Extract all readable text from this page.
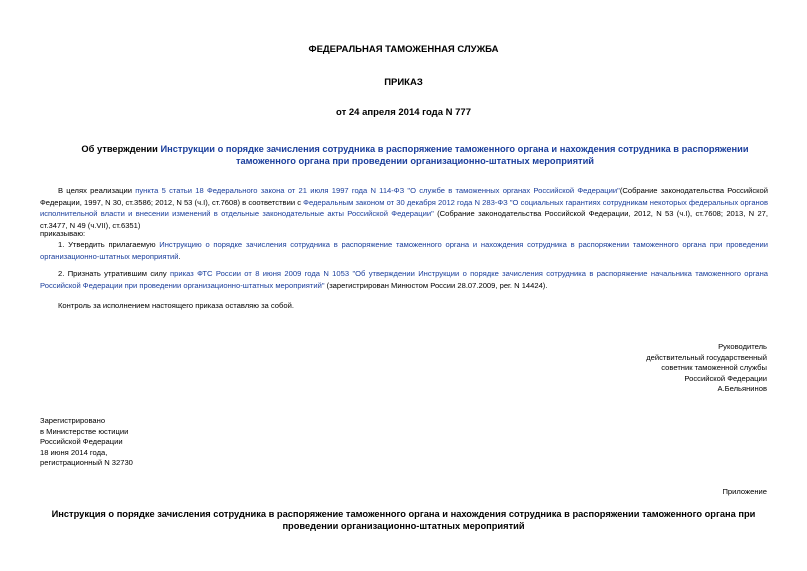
ФЕДЕРАЛЬНАЯ ТАМОЖЕННАЯ СЛУЖБА
ПРИКАЗ
от 24 апреля 2014 года N 777
Об утверждении Инструкции о порядке зачисления сотрудника в распоряжение таможенного органа и нахождения сотрудника в распоряжении таможенного органа при проведении организационно-штатных мероприятий
В целях реализации пункта 5 статьи 18 Федерального закона от 21 июля 1997 года N 114-ФЗ "О службе в таможенных органах Российской Федерации"(Собрание законодательства Российской Федерации, 1997, N 30, ст.3586; 2012, N 53 (ч.I), ст.7608) в соответствии с Федеральным законом от 30 декабря 2012 года N 283-ФЗ "О социальных гарантиях сотрудникам некоторых федеральных органов исполнительной власти и внесении изменений в отдельные законодательные акты Российской Федерации" (Собрание законодательства Российской Федерации, 2012, N 53 (ч.I), ст.7608; 2013, N 27, ст.3477, N 49 (ч.VII), ст.6351)
приказываю:
1. Утвердить прилагаемую Инструкцию о порядке зачисления сотрудника в распоряжение таможенного органа и нахождения сотрудника в распоряжении таможенного органа при проведении организационно-штатных мероприятий.
2. Признать утратившим силу приказ ФТС России от 8 июня 2009 года N 1053 "Об утверждении Инструкции о порядке зачисления сотрудника в распоряжение начальника таможенного органа Российской Федерации при проведении организационно-штатных мероприятий" (зарегистрирован Минюстом России 28.07.2009, рег. N 14424).
Контроль за исполнением настоящего приказа оставляю за собой.
Руководитель
действительный государственный
советник таможенной службы
Российской Федерации
А.Бельянинов
Зарегистрировано
в Министерстве юстиции
Российской Федерации
18 июня 2014 года,
регистрационный N 32730
Приложение
Инструкция о порядке зачисления сотрудника в распоряжение таможенного органа и нахождения сотрудника в распоряжении таможенного органа при проведении организационно-штатных мероприятий
